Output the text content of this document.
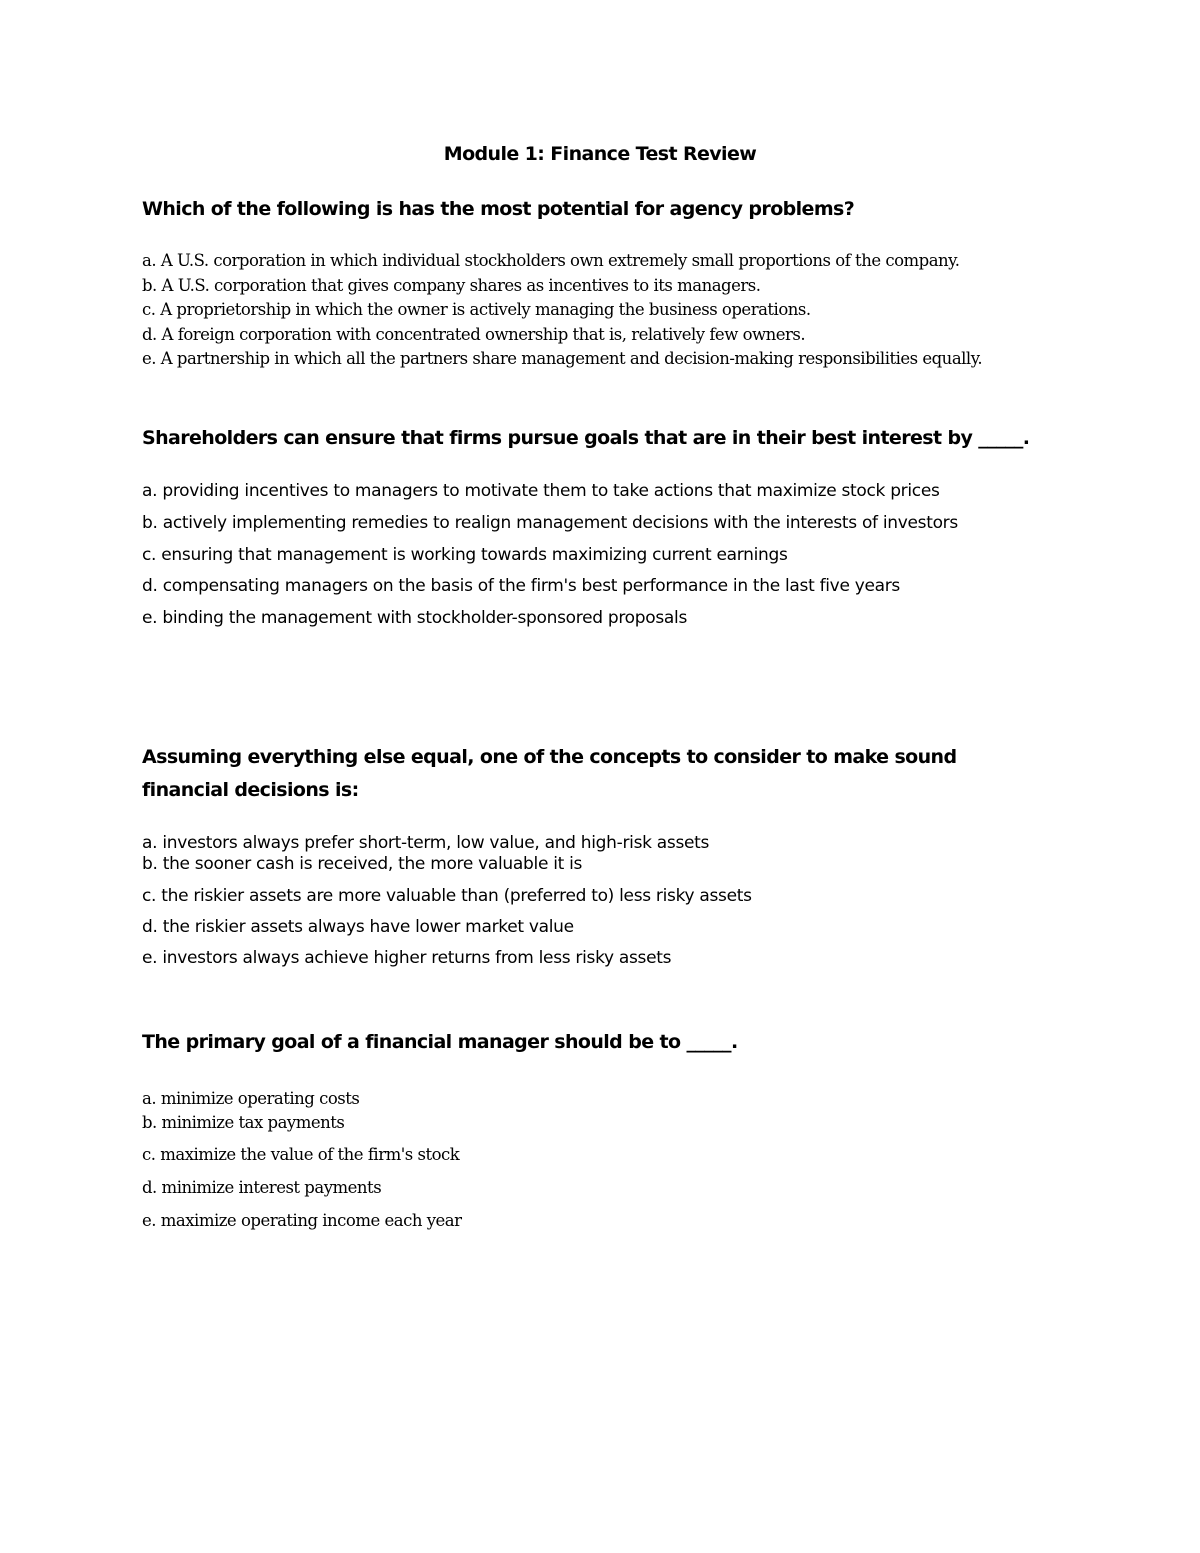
Module 1: Finance Test Review
Which of the following is has the most potential for agency problems?
a. A U.S. corporation in which individual stockholders own extremely small proportions of the company.
b. A U.S. corporation that gives company shares as incentives to its managers.
c. A proprietorship in which the owner is actively managing the business operations.
d. A foreign corporation with concentrated ownership that is, relatively few owners.
e. A partnership in which all the partners share management and decision-making responsibilities equally.
Shareholders can ensure that firms pursue goals that are in their best interest by _____.
a. providing incentives to managers to motivate them to take actions that maximize stock prices
b. actively implementing remedies to realign management decisions with the interests of investors
c. ensuring that management is working towards maximizing current earnings
d. compensating managers on the basis of the firm's best performance in the last five years
e. binding the management with stockholder-sponsored proposals
Assuming everything else equal, one of the concepts to consider to make sound financial decisions is:
a. investors always prefer short-term, low value, and high-risk assets
b. the sooner cash is received, the more valuable it is
c. the riskier assets are more valuable than (preferred to) less risky assets
d. the riskier assets always have lower market value
e. investors always achieve higher returns from less risky assets
The primary goal of a financial manager should be to _____.
a. minimize operating costs
b. minimize tax payments
c. maximize the value of the firm's stock
d. minimize interest payments
e. maximize operating income each year
